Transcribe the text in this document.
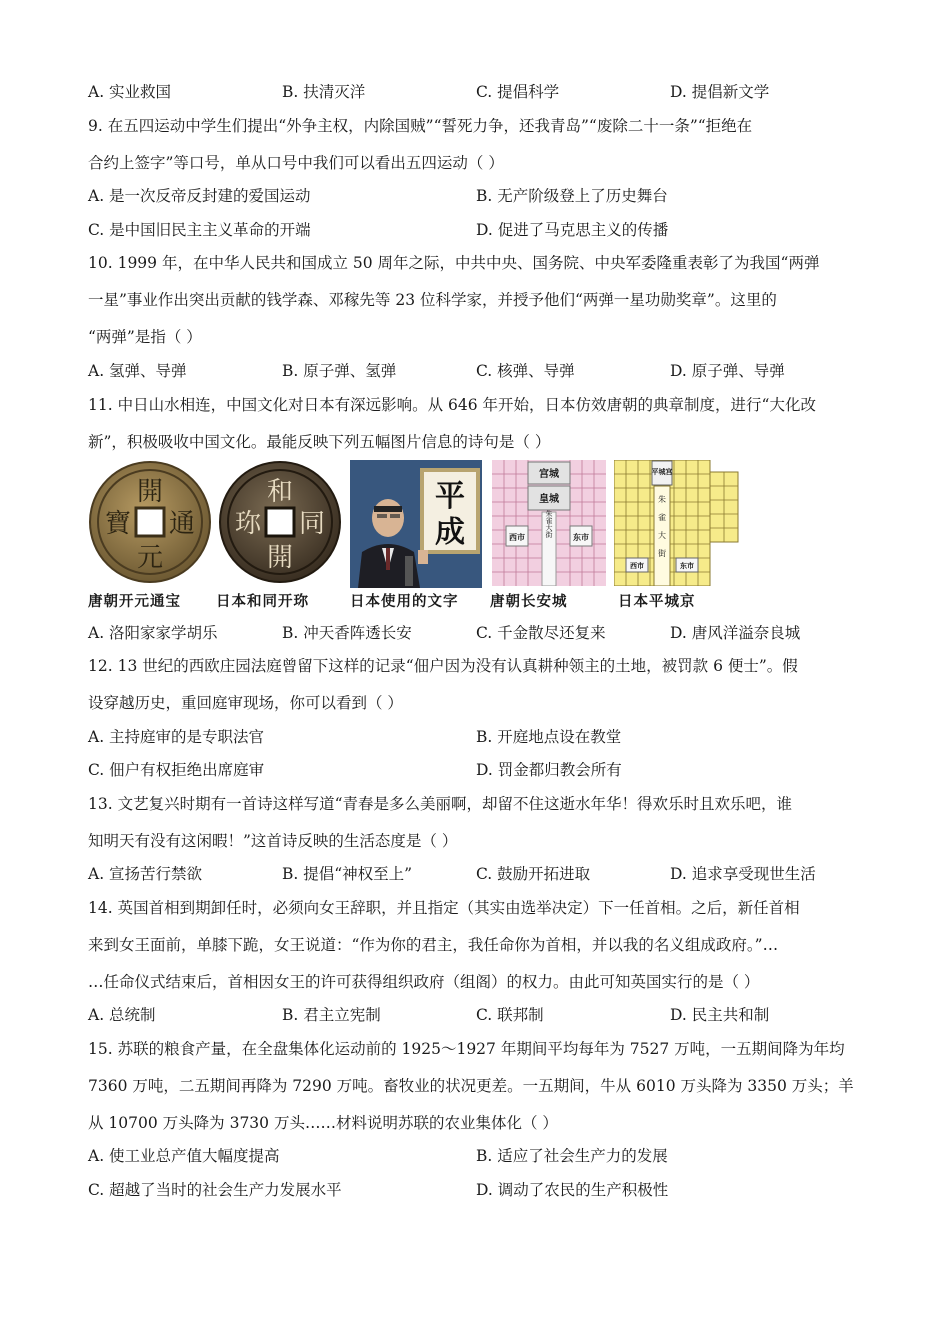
A. 实业救国	B. 扶清灭洋	C. 提倡科学	D. 提倡新文学
9. 在五四运动中学生们提出“外争主权，内除国贼”“誓死力争，还我青岛”“废除二十一条”“拒绝在
合约上签字”等口号，单从口号中我们可以看出五四运动（ ）
A. 是一次反帝反封建的爱国运动	B. 无产阶级登上了历史舞台
C. 是中国旧民主主义革命的开端	D. 促进了马克思主义的传播
10. 1999 年，在中华人民共和国成立 50 周年之际，中共中央、国务院、中央军委隆重表彰了为我国“两弹
一星”事业作出突出贡献的钱学森、邓稼先等 23 位科学家，并授予他们“两弹一星功勋奖章”。这里的
“两弹”是指（ ）
A. 氢弹、导弹	B. 原子弹、氢弹	C. 核弹、导弹	D. 原子弹、导弹
11. 中日山水相连，中国文化对日本有深远影响。从 646 年开始，日本仿效唐朝的典章制度，进行“大化改
新”，积极吸收中国文化。最能反映下列五幅图片信息的诗句是（ ）
開
通
元
寶
和
同
開
珎
平
成
宫城
皇城
西市	东市
朱雀大街
平城宫
朱
雀
大
街
西市	东市
唐朝开元通宝 日本和同开珎	日本使用的文字 唐朝长安城	日本平城京
A. 洛阳家家学胡乐	B. 冲天香阵透长安	C. 千金散尽还复来	D. 唐风洋溢奈良城
12. 13 世纪的西欧庄园法庭曾留下这样的记录“佃户因为没有认真耕种领主的土地，被罚款 6 便士”。假
设穿越历史，重回庭审现场，你可以看到（ ）
A. 主持庭审的是专职法官	B. 开庭地点设在教堂
C. 佃户有权拒绝出席庭审	D. 罚金都归教会所有
13. 文艺复兴时期有一首诗这样写道“青春是多么美丽啊，却留不住这逝水年华！得欢乐时且欢乐吧，谁
知明天有没有这闲暇！”这首诗反映的生活态度是（ ）
A. 宣扬苦行禁欲	B. 提倡“神权至上”	C. 鼓励开拓进取	D. 追求享受现世生活
14. 英国首相到期卸任时，必须向女王辞职，并且指定（其实由选举决定）下一任首相。之后，新任首相
来到女王面前，单膝下跪，女王说道：“作为你的君主，我任命你为首相，并以我的名义组成政府。”…
…任命仪式结束后，首相因女王的许可获得组织政府（组阁）的权力。由此可知英国实行的是（ ）
A. 总统制	B. 君主立宪制	C. 联邦制	D. 民主共和制
15. 苏联的粮食产量，在全盘集体化运动前的 1925～1927 年期间平均每年为 7527 万吨，一五期间降为年均
7360 万吨，二五期间再降为 7290 万吨。畜牧业的状况更差。一五期间，牛从 6010 万头降为 3350 万头；羊
从 10700 万头降为 3730 万头……材料说明苏联的农业集体化（ ）
A. 使工业总产值大幅度提高	B. 适应了社会生产力的发展
C. 超越了当时的社会生产力发展水平	D. 调动了农民的生产积极性
